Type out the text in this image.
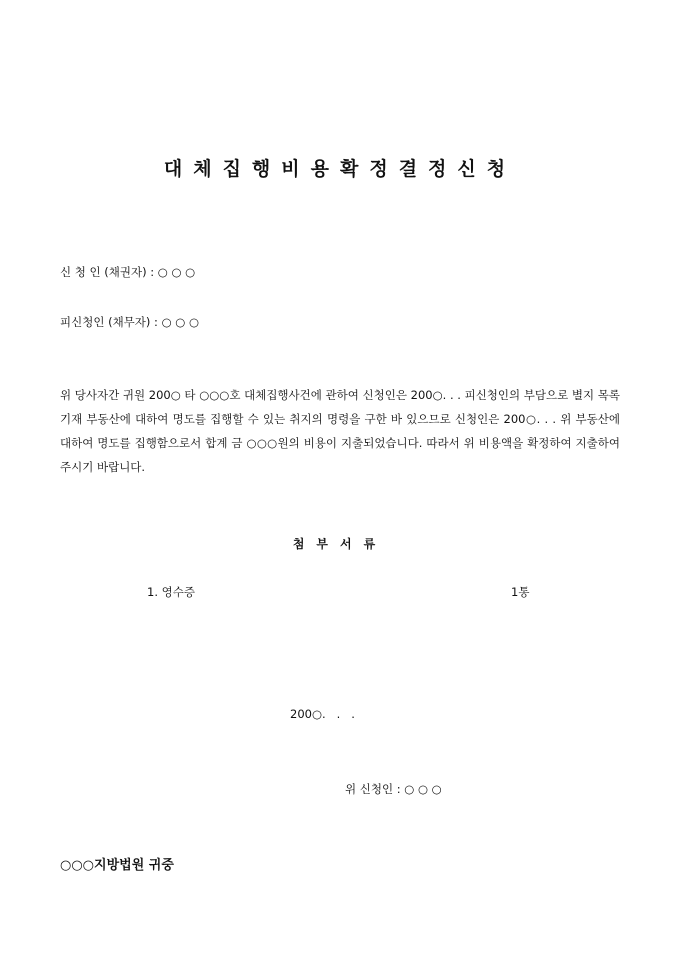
대체집행비용확정결정신청
신 청 인 (채권자) : ○ ○ ○
피신청인 (채무자) : ○ ○ ○

위 당사자간 귀원 200○ 타 ○○○호 대체집행사건에 관하여 신청인은 200○. . . 피신청인의 부담으로 별지 목록 기재 부동산에 대하여 명도를 집행할 수 있는 취지의 명령을 구한 바 있으므로 신청인은 200○. . . 위 부동산에 대하여 명도를 집행함으로서 합계 금 ○○○원의 비용이 지출되었습니다. 따라서 위 비용액을 확정하여 지출하여 주시기 바랍니다.

첨부서류
1. 영수증	1통
200○.   .   .
위 신청인 : ○ ○ ○

○○○지방법원 귀중
